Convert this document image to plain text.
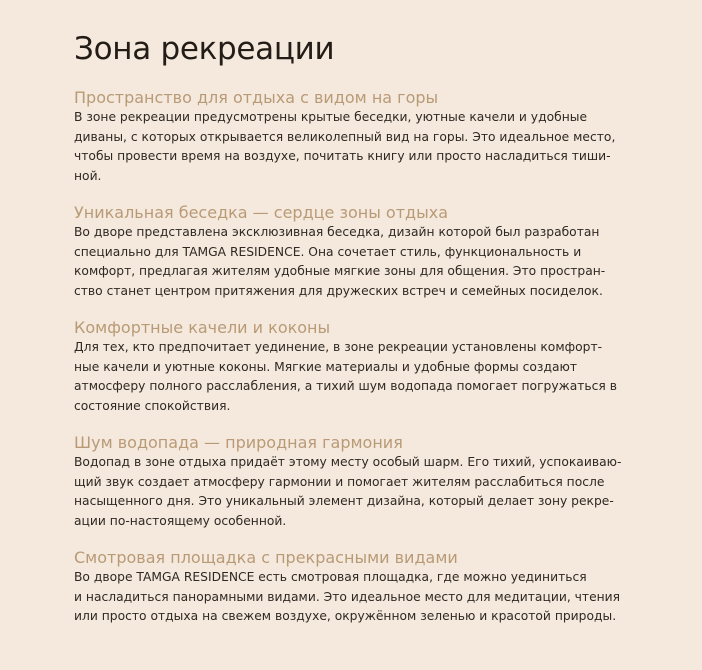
Зона рекреации
Пространство для отдыха с видом на горы

В зоне рекреации предусмотрены крытые беседки, уютные качели и удобные
диваны, с которых открывается великолепный вид на горы. Это идеальное место,
чтобы провести время на воздухе, почитать книгу или просто насладиться тиши-
ной.

Уникальная беседка — сердце зоны отдыха

Во дворе представлена эксклюзивная беседка, дизайн которой был разработан
специально для TAMGA RESIDENCE. Она сочетает стиль, функциональность и
комфорт, предлагая жителям удобные мягкие зоны для общения. Это простран-
ство станет центром притяжения для дружеских встреч и семейных посиделок.

Комфортные качели и коконы

Для тех, кто предпочитает уединение, в зоне рекреации установлены комфорт-
ные качели и уютные коконы. Мягкие материалы и удобные формы создают
атмосферу полного расслабления, а тихий шум водопада помогает погружаться в
состояние спокойствия.

Шум водопада — природная гармония

Водопад в зоне отдыха придаёт этому месту особый шарм. Его тихий, успокаиваю-
щий звук создает атмосферу гармонии и помогает жителям расслабиться после
насыщенного дня. Это уникальный элемент дизайна, который делает зону рекре-
ации по-настоящему особенной.

Смотровая площадка с прекрасными видами

Во дворе TAMGA RESIDENCE есть смотровая площадка, где можно уединиться
и насладиться панорамными видами. Это идеальное место для медитации, чтения
или просто отдыха на свежем воздухе, окружённом зеленью и красотой природы.
